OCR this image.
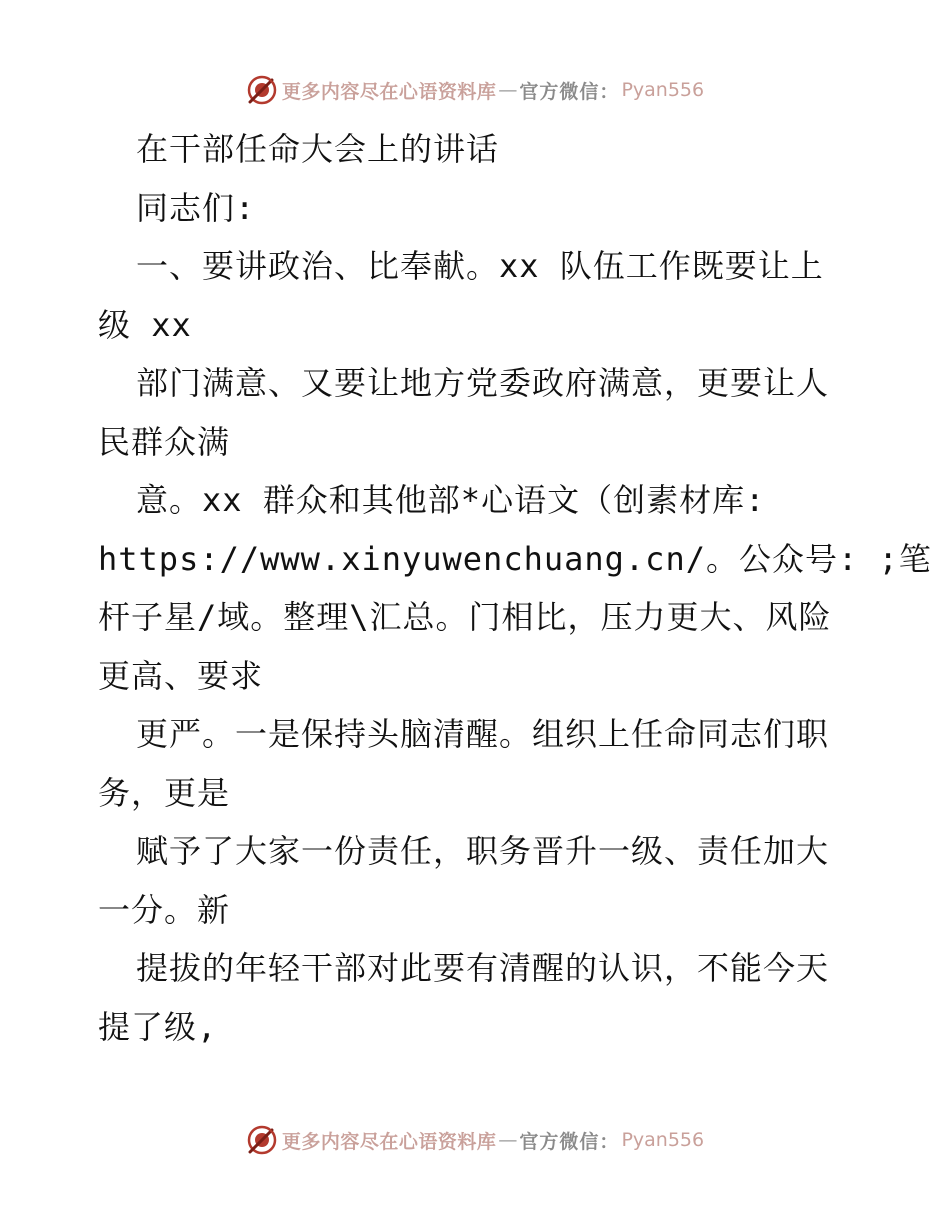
更多内容尽在心语资料库 — 官方微信： Pyan556
在干部任命大会上的讲话
同志们:
一、要讲政治、比奉献。xx 队伍工作既要让上
级 xx
部门满意、又要让地方党委政府满意，更要让人
民群众满
意。xx 群众和其他部*心语文（创素材库:
https://www.xinyuwenchuang.cn/。公众号: ;笔
杆子星/域。整理\汇总。门相比，压力更大、风险
更高、要求
更严。一是保持头脑清醒。组织上任命同志们职
务，更是
赋予了大家一份责任，职务晋升一级、责任加大
一分。新
提拔的年轻干部对此要有清醒的认识，不能今天
提了级,
更多内容尽在心语资料库 — 官方微信： Pyan556
